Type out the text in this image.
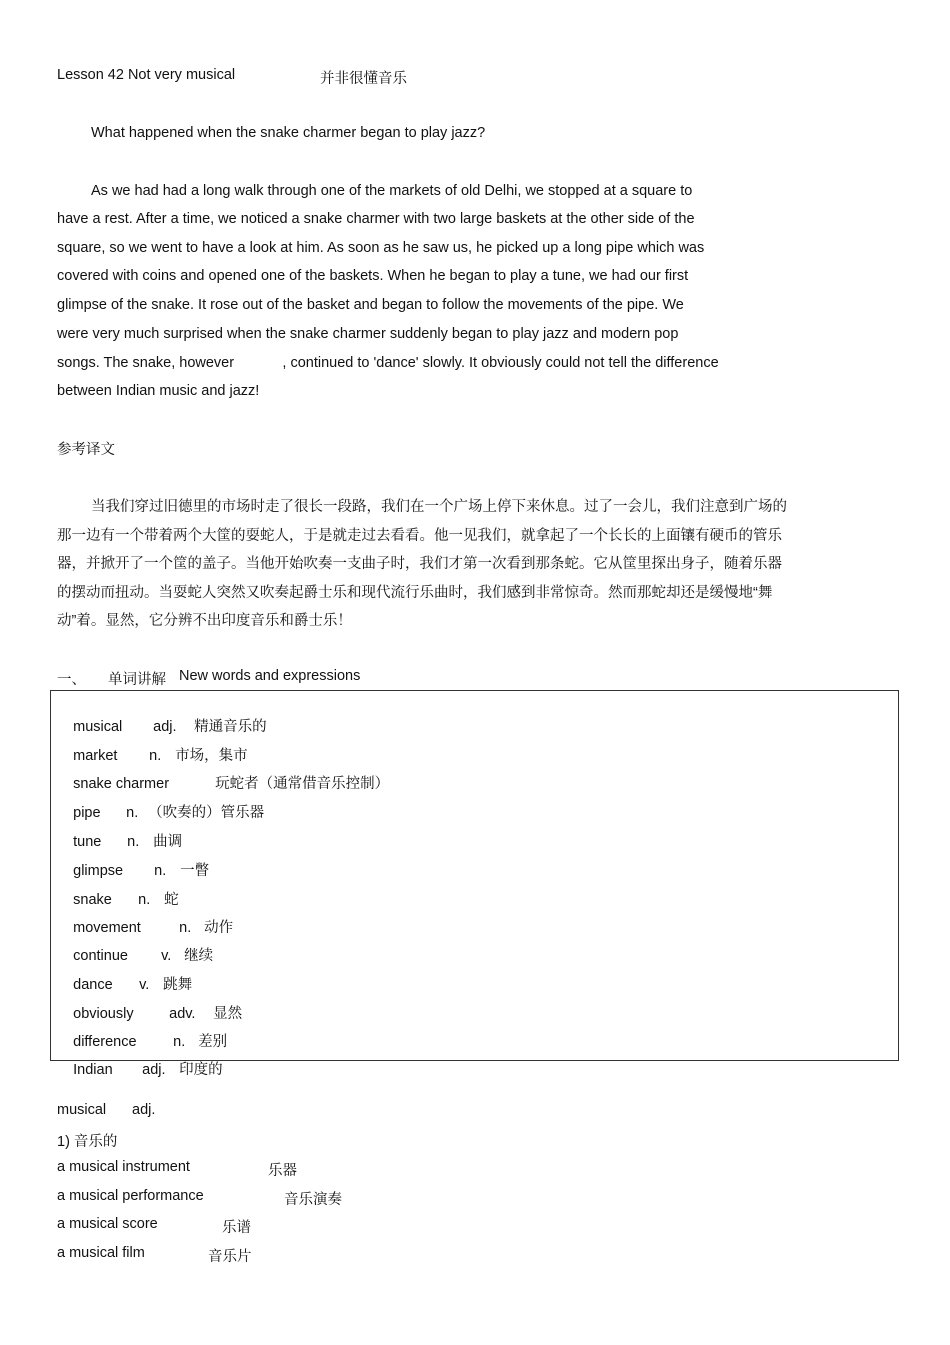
Lesson 42 Not very musical	并非很懂音乐
What happened when the snake charmer began to play jazz?
As we had had a long walk through one of the markets of old Delhi, we stopped at a square to
have a rest. After a time, we noticed a snake charmer with two large baskets at the other side of the
square, so we went to have a look at him. As soon as he saw us, he picked up a long pipe which was
covered with coins and opened one of the baskets. When he began to play a tune, we had our first
glimpse of the snake. It rose out of the basket and began to follow the movements of the pipe. We
were very much surprised when the snake charmer suddenly began to play jazz and modern pop
songs. The snake, however            , continued to 'dance' slowly. It obviously could not tell the difference
between Indian music and jazz!
参考译文
当我们穿过旧德里的市场时走了很长一段路，我们在一个广场上停下来休息。过了一会儿，我们注意到广场的
那一边有一个带着两个大筐的耍蛇人，于是就走过去看看。他一见我们，就拿起了一个长长的上面镶有硬币的管乐
器，并掀开了一个筐的盖子。当他开始吹奏一支曲子时，我们才第一次看到那条蛇。它从筐里探出身子，随着乐器
的摆动而扭动。当耍蛇人突然又吹奏起爵士乐和现代流行乐曲时，我们感到非常惊奇。然而那蛇却还是缓慢地“舞
动”着。显然，它分辨不出印度音乐和爵士乐！
一、 单词讲解 New words and expressions

musical adj. 精通音乐的

market n. 市场，集市

snake charmer	玩蛇者（通常借音乐控制）

pipe n. （吹奏的）管乐器

tune n. 曲调

glimpse n. 一瞥

snake n. 蛇

movement	n. 动作

continue v. 继续

dance v. 跳舞

obviously adv. 显然

difference	n. 差别

Indian adj. 印度的

musical adj.
1) 音乐的
a musical instrument	乐器
a musical performance	音乐演奏
a musical score	乐谱
a musical film	音乐片
